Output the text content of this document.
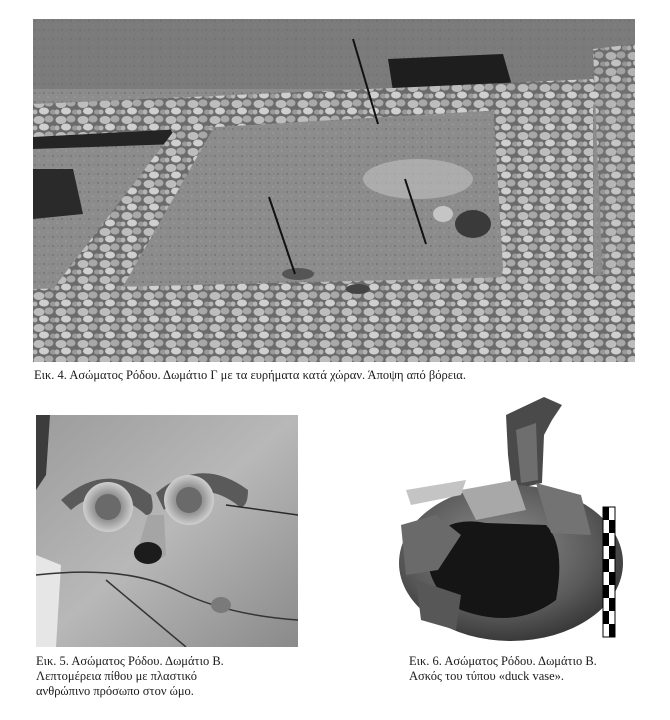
Εικ. 4. Ασώματος Ρόδου. Δωμάτιο Γ με τα ευρήματα κατά χώραν. Άποψη από βόρεια.

Εικ. 5. Ασώματος Ρόδου. Δωμάτιο Β.
Λεπτομέρεια πίθου με πλαστικό
ανθρώπινο πρόσωπο στον ώμο.

Εικ. 6. Ασώματος Ρόδου. Δωμάτιο Β.
Ασκός του τύπου «duck vase».
